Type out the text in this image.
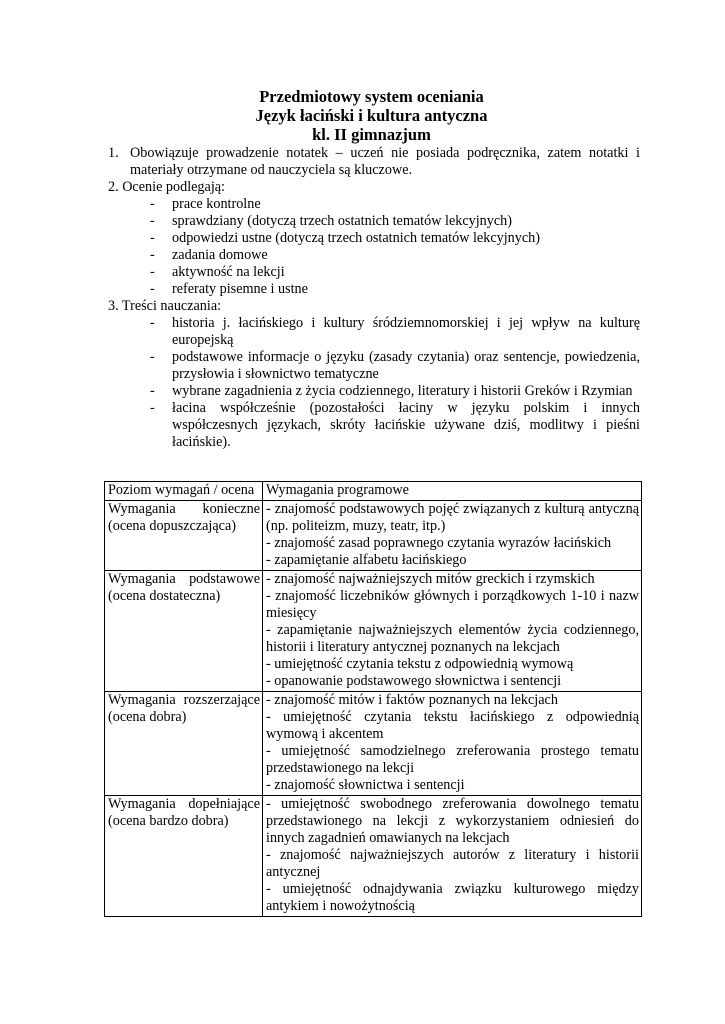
Przedmiotowy system oceniania
Język łaciński i kultura antyczna
kl. II gimnazjum
1. Obowiązuje prowadzenie notatek – uczeń nie posiada podręcznika, zatem notatki i materiały otrzymane od nauczyciela są kluczowe.
2. Ocenie podlegają:
- prace kontrolne
- sprawdziany (dotyczą trzech ostatnich tematów lekcyjnych)
- odpowiedzi ustne (dotyczą trzech ostatnich tematów lekcyjnych)
- zadania domowe
- aktywność na lekcji
- referaty pisemne i ustne
3. Treści nauczania:
- historia j. łacińskiego i kultury śródziemnomorskiej i jej wpływ na kulturę europejską
- podstawowe informacje o języku (zasady czytania) oraz sentencje, powiedzenia, przysłowia i słownictwo tematyczne
- wybrane zagadnienia z życia codziennego, literatury i historii Greków i Rzymian
- łacina współcześnie (pozostałości łaciny w języku polskim i innych współczesnych językach, skróty łacińskie używane dziś, modlitwy i pieśni łacińskie).
Poziom wymagań / ocena	Wymagania programowe
Wymagania konieczne (ocena dopuszczająca)	- znajomość podstawowych pojęć związanych z kulturą antyczną (np. politeizm, muzy, teatr, itp.)
- znajomość zasad poprawnego czytania wyrazów łacińskich
- zapamiętanie alfabetu łacińskiego

Wymagania podstawowe (ocena dostateczna)	- znajomość najważniejszych mitów greckich i rzymskich
- znajomość liczebników głównych i porządkowych 1-10 i nazw miesięcy
- zapamiętanie najważniejszych elementów życia codziennego, historii i literatury antycznej poznanych na lekcjach
- umiejętność czytania tekstu z odpowiednią wymową
- opanowanie podstawowego słownictwa i sentencji

Wymagania rozszerzające (ocena dobra)	- znajomość mitów i faktów poznanych na lekcjach
- umiejętność czytania tekstu łacińskiego z odpowiednią wymową i akcentem
- umiejętność samodzielnego zreferowania prostego tematu przedstawionego na lekcji
- znajomość słownictwa i sentencji

Wymagania dopełniające (ocena bardzo dobra)	- umiejętność swobodnego zreferowania dowolnego tematu przedstawionego na lekcji z wykorzystaniem odniesień do innych zagadnień omawianych na lekcjach
- znajomość najważniejszych autorów z literatury i historii antycznej
- umiejętność odnajdywania związku kulturowego między antykiem i nowożytnością
